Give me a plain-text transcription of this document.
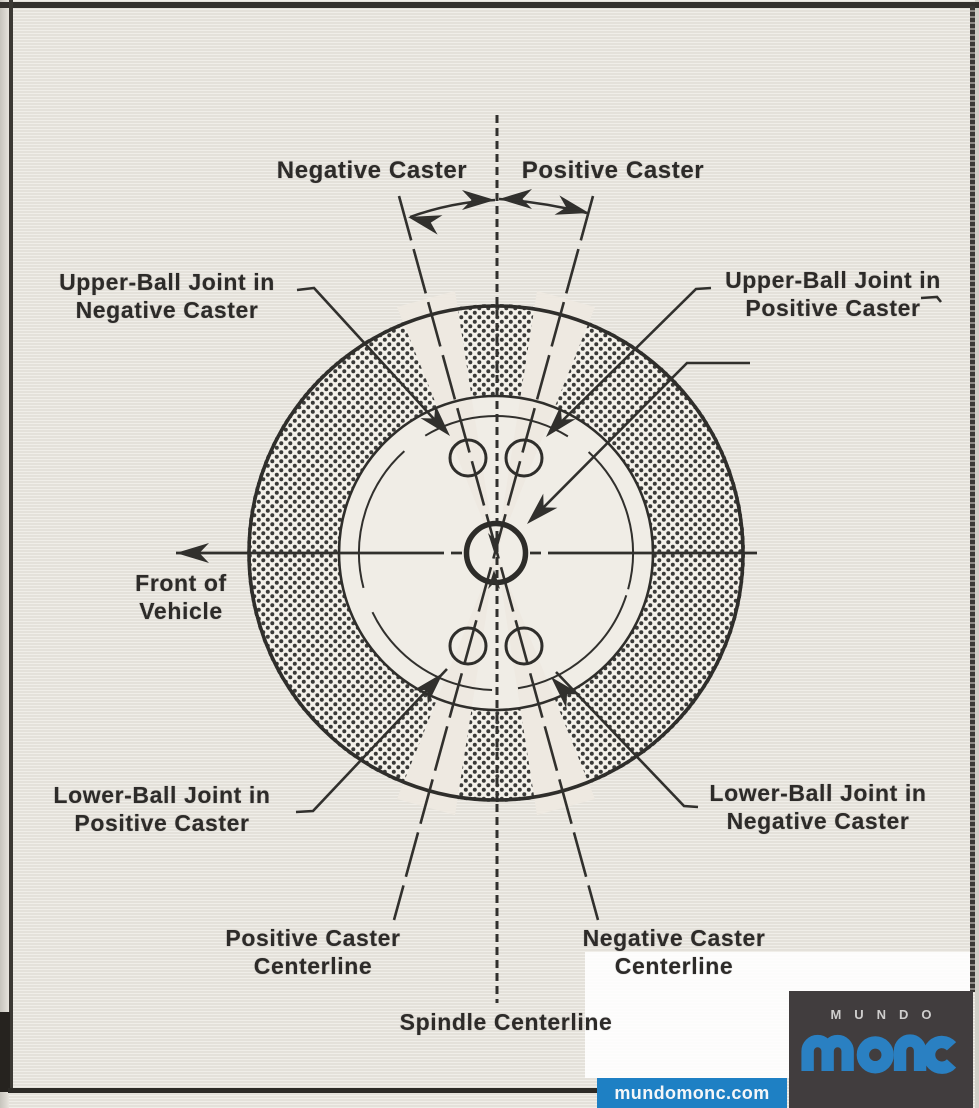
Negative Caster Positive Caster
Upper-Ball Joint in
Negative Caster
Upper-Ball Joint in
Positive Caster
Front of
Vehicle
Lower-Ball Joint in
Positive Caster
Lower-Ball Joint in
Negative Caster
Positive Caster
Centerline
Negative Caster
Centerline
Spindle Centerline	MUNDO
mundomonc.com
